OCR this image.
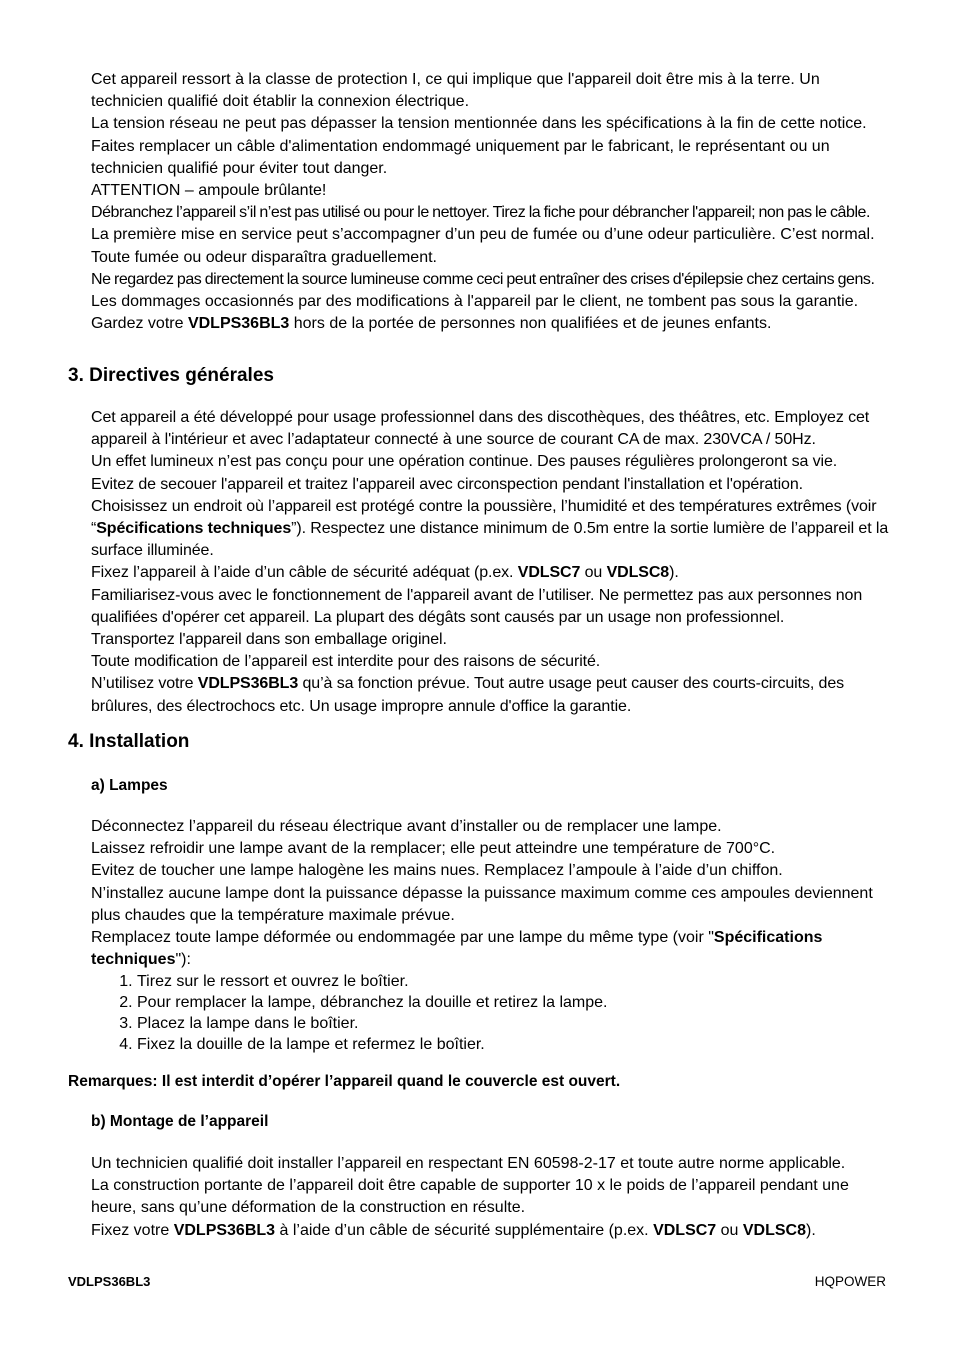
Cet appareil ressort à la classe de protection I, ce qui implique que l'appareil doit être mis à la terre. Un technicien qualifié doit établir la connexion électrique.

La tension réseau ne peut pas dépasser la tension mentionnée dans les spécifications à la fin de cette notice.

Faites remplacer un câble d'alimentation endommagé uniquement par le fabricant, le représentant ou un technicien qualifié pour éviter tout danger.

ATTENTION – ampoule brûlante!

Débranchez l’appareil s’il n’est pas utilisé ou pour le nettoyer. Tirez la fiche pour débrancher l'appareil; non pas le câble.

La première mise en service peut s’accompagner d’un peu de fumée ou d’une odeur particulière. C’est normal. Toute fumée ou odeur disparaîtra graduellement.

Ne regardez pas directement la source lumineuse comme ceci peut entraîner des crises d'épilepsie chez certains gens.

Les dommages occasionnés par des modifications à l'appareil par le client, ne tombent pas sous la garantie.

Gardez votre VDLPS36BL3 hors de la portée de personnes non qualifiées et de jeunes enfants.

3. Directives générales

Cet appareil a été développé pour usage professionnel dans des discothèques, des théâtres, etc. Employez cet appareil à l'intérieur et avec l’adaptateur connecté à une source de courant CA de max. 230VCA / 50Hz.

Un effet lumineux n’est pas conçu pour une opération continue. Des pauses régulières prolongeront sa vie.

Evitez de secouer l'appareil et traitez l'appareil avec circonspection pendant l'installation et l'opération.

Choisissez un endroit où l’appareil est protégé contre la poussière, l’humidité et des températures extrêmes (voir “Spécifications techniques”). Respectez une distance minimum de 0.5m entre la sortie lumière de l’appareil et la surface illuminée.

Fixez l’appareil à l’aide d’un câble de sécurité adéquat (p.ex. VDLSC7 ou VDLSC8).

Familiarisez-vous avec le fonctionnement de l'appareil avant de l’utiliser. Ne permettez pas aux personnes non qualifiées d'opérer cet appareil. La plupart des dégâts sont causés par un usage non professionnel.

Transportez l'appareil dans son emballage originel.

Toute modification de l’appareil est interdite pour des raisons de sécurité.

N’utilisez votre VDLPS36BL3 qu’à sa fonction prévue. Tout autre usage peut causer des courts-circuits, des brûlures, des électrochocs etc. Un usage impropre annule d'office la garantie.

4. Installation
a) Lampes

Déconnectez l’appareil du réseau électrique avant d’installer ou de remplacer une lampe.

Laissez refroidir une lampe avant de la remplacer; elle peut atteindre une température de 700°C.

Evitez de toucher une lampe halogène les mains nues. Remplacez l’ampoule à l’aide d’un chiffon.

N’installez aucune lampe dont la puissance dépasse la puissance maximum comme ces ampoules deviennent plus chaudes que la température maximale prévue.

Remplacez toute lampe déformée ou endommagée par une lampe du même type (voir "Spécifications techniques"):

1. Tirez sur le ressort et ouvrez le boîtier.
2. Pour remplacer la lampe, débranchez la douille et retirez la lampe.
3. Placez la lampe dans le boîtier.
4. Fixez la douille de la lampe et refermez le boîtier.

Remarques: Il est interdit d’opérer l’appareil quand le couvercle est ouvert.

b) Montage de l’appareil

Un technicien qualifié doit installer l’appareil en respectant EN 60598-2-17 et toute autre norme applicable.

La construction portante de l’appareil doit être capable de supporter 10 x le poids de l’appareil pendant une heure, sans qu’une déformation de la construction en résulte.

Fixez votre VDLPS36BL3 à l’aide d’un câble de sécurité supplémentaire (p.ex. VDLSC7 ou VDLSC8).

VDLPS36BL3	HQPOWER
